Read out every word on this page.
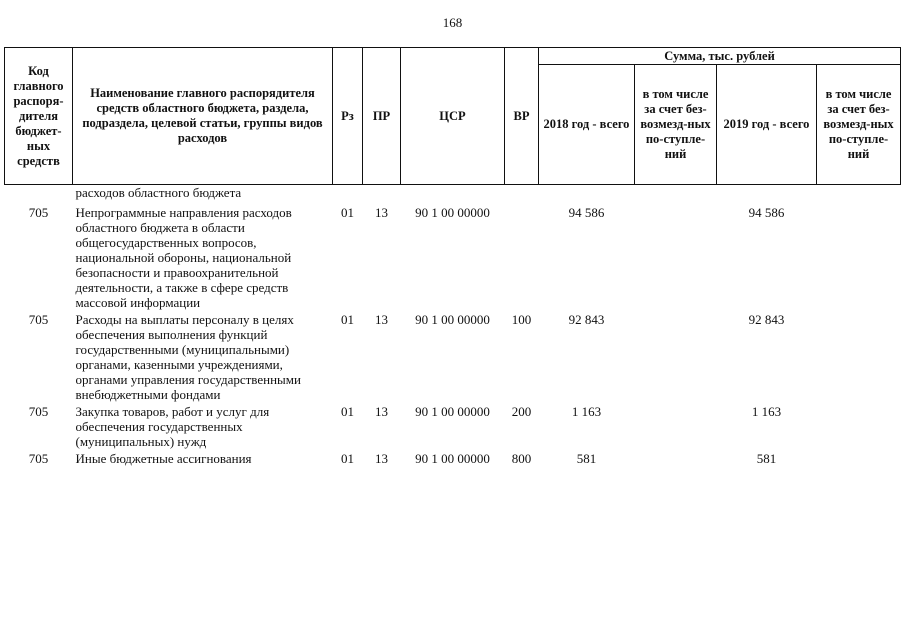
168
Код главного распоря-дителя бюджет-ных средств	Наименование главного распорядителя средств областного бюджета, раздела, подраздела, целевой статьи, группы видов расходов	Рз	ПР	ЦСР	ВР	Сумма, тыс. рублей			
						2018 год - всего	в том числе за счет без-возмезд-ных по-ступле-ний	2019 год - всего	в том числе за счет без-возмезд-ных по-ступле-ний
	расходов областного бюджета								
705	Непрограммные направления расходов областного бюджета в области общегосударственных вопросов, национальной обороны, национальной безопасности и правоохранительной деятельности, а также в сфере средств массовой информации	01	13	90 1 00 00000		94 586		94 586	
705	Расходы на выплаты персоналу в целях обеспечения выполнения функций государственными (муниципальными) органами, казенными учреждениями, органами управления государственными внебюджетными фондами	01	13	90 1 00 00000	100	92 843		92 843	
705	Закупка товаров, работ и услуг для обеспечения государственных (муниципальных) нужд	01	13	90 1 00 00000	200	1 163		1 163	
705	Иные бюджетные ассигнования	01	13	90 1 00 00000	800	581		581	
